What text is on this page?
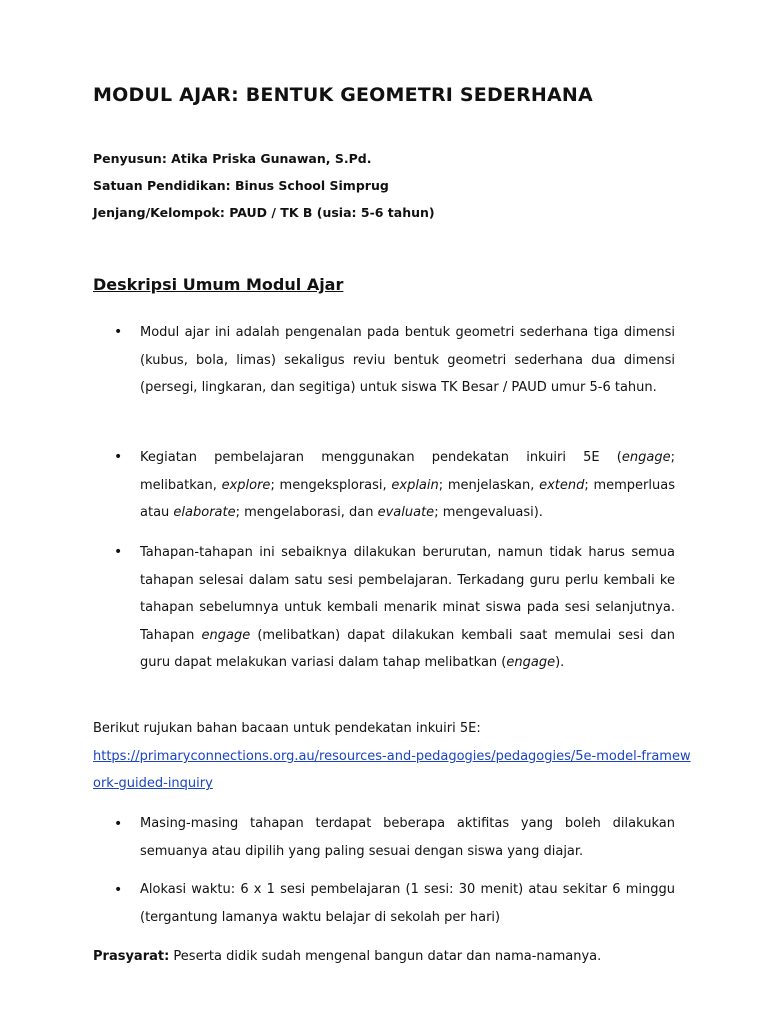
MODUL AJAR: BENTUK GEOMETRI SEDERHANA
Penyusun: Atika Priska Gunawan, S.Pd.
Satuan Pendidikan: Binus School Simprug
Jenjang/Kelompok: PAUD / TK B (usia: 5-6 tahun)
Deskripsi Umum Modul Ajar
• Modul ajar ini adalah pengenalan pada bentuk geometri sederhana tiga dimensi (kubus, bola, limas) sekaligus reviu bentuk geometri sederhana dua dimensi (persegi, lingkaran, dan segitiga) untuk siswa TK Besar / PAUD umur 5-6 tahun.
• Kegiatan pembelajaran menggunakan pendekatan inkuiri 5E (engage; melibatkan, explore; mengeksplorasi, explain; menjelaskan, extend; memperluas atau elaborate; mengelaborasi, dan evaluate; mengevaluasi).
• Tahapan-tahapan ini sebaiknya dilakukan berurutan, namun tidak harus semua tahapan selesai dalam satu sesi pembelajaran. Terkadang guru perlu kembali ke tahapan sebelumnya untuk kembali menarik minat siswa pada sesi selanjutnya. Tahapan engage (melibatkan) dapat dilakukan kembali saat memulai sesi dan guru dapat melakukan variasi dalam tahap melibatkan (engage).
Berikut rujukan bahan bacaan untuk pendekatan inkuiri 5E:
https://primaryconnections.org.au/resources-and-pedagogies/pedagogies/5e-model-framework-guided-inquiry
• Masing-masing tahapan terdapat beberapa aktifitas yang boleh dilakukan semuanya atau dipilih yang paling sesuai dengan siswa yang diajar.
• Alokasi waktu: 6 x 1 sesi pembelajaran (1 sesi: 30 menit) atau sekitar 6 minggu (tergantung lamanya waktu belajar di sekolah per hari)
Prasyarat: Peserta didik sudah mengenal bangun datar dan nama-namanya.
